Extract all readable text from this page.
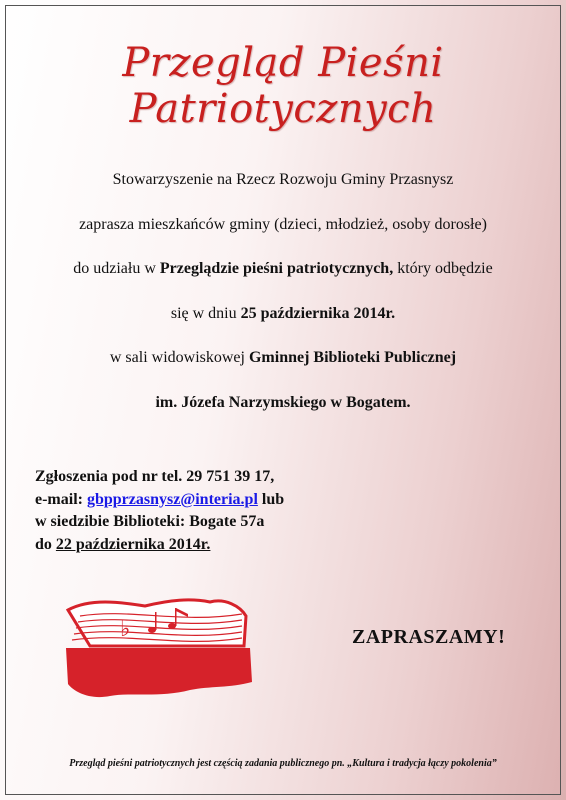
Przegląd Pieśni Patriotycznych
Stowarzyszenie na Rzecz Rozwoju Gminy Przasnysz
zaprasza mieszkańców gminy (dzieci, młodzież, osoby dorosłe)
do udziału w Przeglądzie pieśni patriotycznych, który odbędzie
się w dniu 25 października 2014r.
w sali widowiskowej Gminnej Biblioteki Publicznej
im. Józefa Narzymskiego w Bogatem.
Zgłoszenia pod nr tel. 29 751 39 17,
e-mail: gbpprzasnysz@interia.pl lub
w siedzibie Biblioteki: Bogate 57a
do 22 października 2014r.
♭	ZAPRASZAMY!
Przegląd pieśni patriotycznych jest częścią zadania publicznego pn. „Kultura i tradycja łączy pokolenia”
